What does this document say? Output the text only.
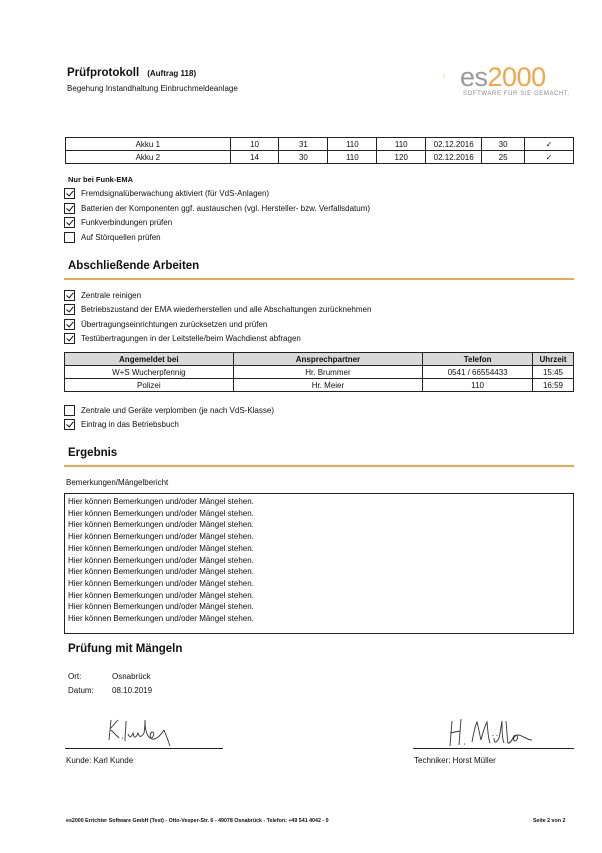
Prüfprotokoll (Auftrag 118)
Begehung Instandhaltung Einbruchmeldeanlage	es2000
SOFTWARE FÜR SIE GEMACHT.
Akku 1	10	31	110	110	02.12.2016	30	✓
Akku 2	14	30	110	120	02.12.2016	25	✓
Nur bei Funk-EMA
Fremdsignalüberwachung aktiviert (für VdS-Anlagen)
Batterien der Komponenten ggf. austauschen (vgl. Hersteller- bzw. Verfallsdatum)
Funkverbindungen prüfen
Auf Störquellen prüfen
Abschließende Arbeiten
Zentrale reinigen
Betriebszustand der EMA wiederherstellen und alle Abschaltungen zurücknehmen
Übertragungseinrichtungen zurücksetzen und prüfen
Testübertragungen in der Leitstelle/beim Wachdienst abfragen
Angemeldet bei	Ansprechpartner	Telefon	Uhrzeit
W+S Wucherpfennig	Hr. Brummer	0541 / 66554433	15:45
Polizei	Hr. Meier	110	16:59
Zentrale und Geräte verplomben (je nach VdS-Klasse)
Eintrag in das Betriebsbuch
Ergebnis
Bemerkungen/Mängelbericht
Hier können Bemerkungen und/oder Mängel stehen.
Hier können Bemerkungen und/oder Mängel stehen.
Hier können Bemerkungen und/oder Mängel stehen.
Hier können Bemerkungen und/oder Mängel stehen.
Hier können Bemerkungen und/oder Mängel stehen.
Hier können Bemerkungen und/oder Mängel stehen.
Hier können Bemerkungen und/oder Mängel stehen.
Hier können Bemerkungen und/oder Mängel stehen.
Hier können Bemerkungen und/oder Mängel stehen.
Hier können Bemerkungen und/oder Mängel stehen.
Hier können Bemerkungen und/oder Mängel stehen.
Prüfung mit Mängeln
Ort:	Osnabrück
Datum: 08.10.2019
Kunde: Karl Kunde	Techniker: Horst Müller
es2000 Errichter Software GmbH (Test) - Otto-Vesper-Str. 6 - 49078 Osnabrück - Telefon: +49 541 4042 - 0	Seite 2 von 2
